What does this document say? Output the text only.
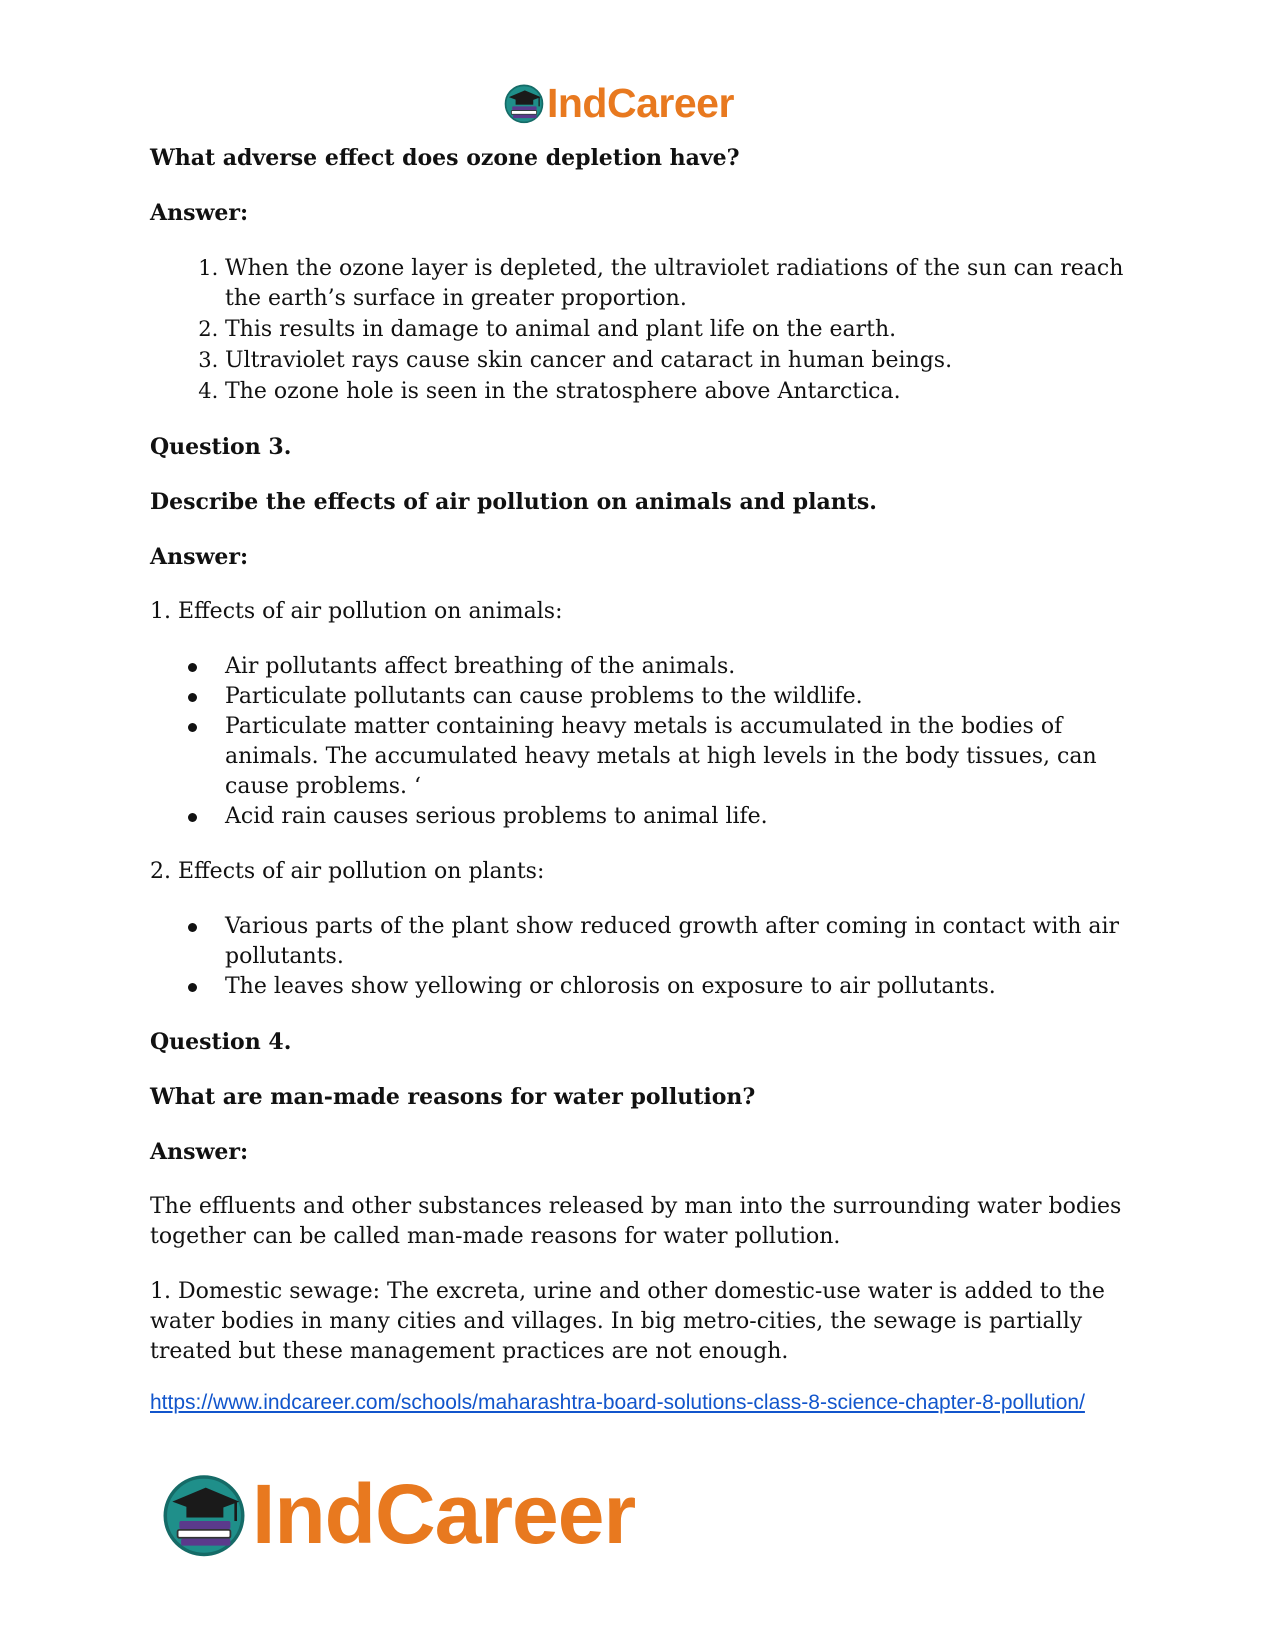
IndCareer

What adverse effect does ozone depletion have?

Answer:

1. When the ozone layer is depleted, the ultraviolet radiations of the sun can reach the earth’s surface in greater proportion.
2. This results in damage to animal and plant life on the earth.
3. Ultraviolet rays cause skin cancer and cataract in human beings.
4. The ozone hole is seen in the stratosphere above Antarctica.

Question 3.

Describe the effects of air pollution on animals and plants.

Answer:

1. Effects of air pollution on animals:

Air pollutants affect breathing of the animals.
Particulate pollutants can cause problems to the wildlife.
Particulate matter containing heavy metals is accumulated in the bodies of animals. The accumulated heavy metals at high levels in the body tissues, can cause problems. ‘
Acid rain causes serious problems to animal life.

2. Effects of air pollution on plants:

Various parts of the plant show reduced growth after coming in contact with air pollutants.
The leaves show yellowing or chlorosis on exposure to air pollutants.

Question 4.

What are man-made reasons for water pollution?

Answer:

The effluents and other substances released by man into the surrounding water bodies together can be called man-made reasons for water pollution.

1. Domestic sewage: The excreta, urine and other domestic-use water is added to the water bodies in many cities and villages. In big metro-cities, the sewage is partially treated but these management practices are not enough.

https://www.indcareer.com/schools/maharashtra-board-solutions-class-8-science-chapter-8-pollution/
IndCareer
